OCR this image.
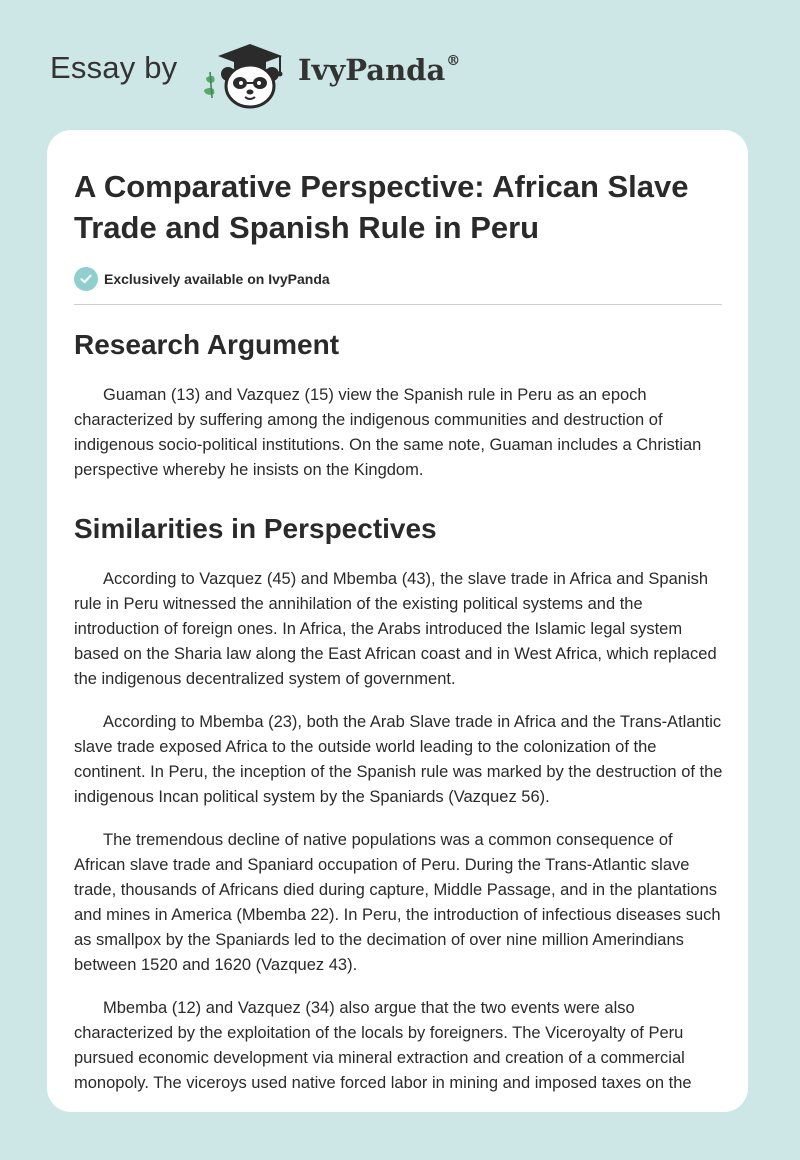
Essay by	IvyPanda®
A Comparative Perspective: African Slave Trade and Spanish Rule in Peru
Exclusively available on IvyPanda
Research Argument

Guaman (13) and Vazquez (15) view the Spanish rule in Peru as an epoch characterized by suffering among the indigenous communities and destruction of indigenous socio-political institutions. On the same note, Guaman includes a Christian perspective whereby he insists on the Kingdom.

Similarities in Perspectives

According to Vazquez (45) and Mbemba (43), the slave trade in Africa and Spanish rule in Peru witnessed the annihilation of the existing political systems and the introduction of foreign ones. In Africa, the Arabs introduced the Islamic legal system based on the Sharia law along the East African coast and in West Africa, which replaced the indigenous decentralized system of government.

According to Mbemba (23), both the Arab Slave trade in Africa and the Trans-Atlantic slave trade exposed Africa to the outside world leading to the colonization of the continent. In Peru, the inception of the Spanish rule was marked by the destruction of the indigenous Incan political system by the Spaniards (Vazquez 56).

The tremendous decline of native populations was a common consequence of African slave trade and Spaniard occupation of Peru. During the Trans-Atlantic slave trade, thousands of Africans died during capture, Middle Passage, and in the plantations and mines in America (Mbemba 22). In Peru, the introduction of infectious diseases such as smallpox by the Spaniards led to the decimation of over nine million Amerindians between 1520 and 1620 (Vazquez 43).

Mbemba (12) and Vazquez (34) also argue that the two events were also characterized by the exploitation of the locals by foreigners. The Viceroyalty of Peru pursued economic development via mineral extraction and creation of a commercial monopoly. The viceroys used native forced labor in mining and imposed taxes on the
